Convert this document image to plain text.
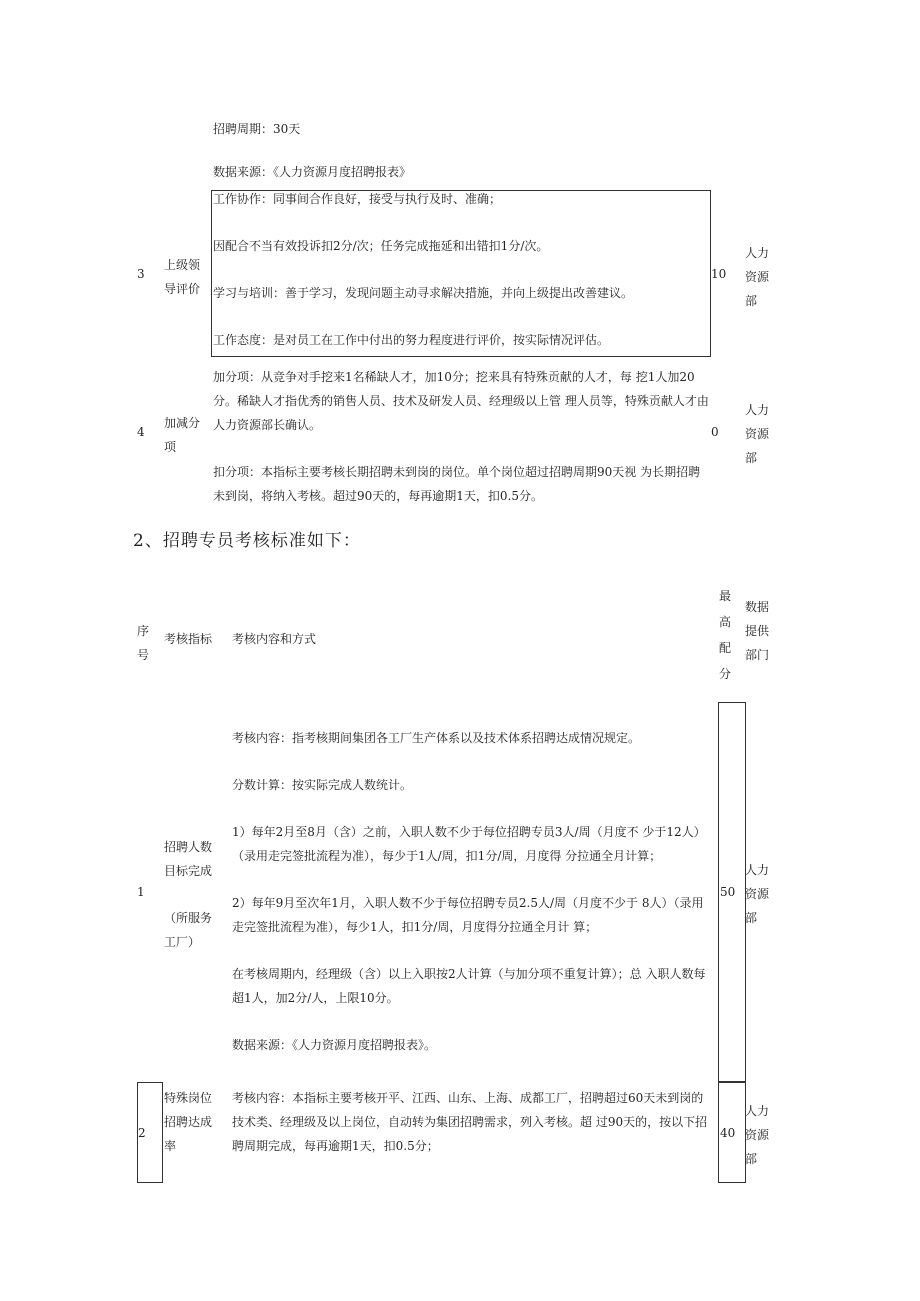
招聘周期：30天
数据来源：《人力资源月度招聘报表》
3
上级领导评价

工作协作：同事间合作良好，接受与执行及时、准确；

因配合不当有效投诉扣2分/次；任务完成拖延和出错扣1分/次。

学习与培训：善于学习，发现问题主动寻求解决措施，并向上级提出改善建议。

工作态度：是对员工在工作中付出的努力程度进行评价，按实际情况评估。

10
人力资源部
4
加减分项

加分项：从竞争对手挖来1名稀缺人才，加10分；挖来具有特殊贡献的人才，每 挖1人加20分。稀缺人才指优秀的销售人员、技术及研发人员、经理级以上管 理人员等，特殊贡献人才由人力资源部长确认。

扣分项：本指标主要考核长期招聘未到岗的岗位。单个岗位超过招聘周期90天视 为长期招聘未到岗，将纳入考核。超过90天的，每再逾期1天，扣0.5分。

0
人力资源部
2、招聘专员考核标准如下：
序号
考核指标 考核内容和方式
最高配分
数据提供部门
1
招聘人数目标完成
（所服务工厂）

考核内容：指考核期间集团各工厂生产体系以及技术体系招聘达成情况规定。

分数计算：按实际完成人数统计。

1）每年2月至8月（含）之前，入职人数不少于每位招聘专员3人/周（月度不 少于12人）（录用走完签批流程为准），每少于1人/周，扣1分/周，月度得 分拉通全月计算；

2）每年9月至次年1月，入职人数不少于每位招聘专员2.5人/周（月度不少于 8人）（录用走完签批流程为准），每少1人，扣1分/周，月度得分拉通全月计 算；

在考核周期内，经理级（含）以上入职按2人计算（与加分项不重复计算）；总 入职人数每超1人，加2分/人，上限10分。

数据来源：《人力资源月度招聘报表》。

50
人力资源部
2
特殊岗位招聘达成率

考核内容：本指标主要考核开平、江西、山东、上海、成都工厂，招聘超过60天未到岗的技术类、经理级及以上岗位，自动转为集团招聘需求，列入考核。超 过90天的，按以下招聘周期完成，每再逾期1天，扣0.5分；

40
人力资源部
